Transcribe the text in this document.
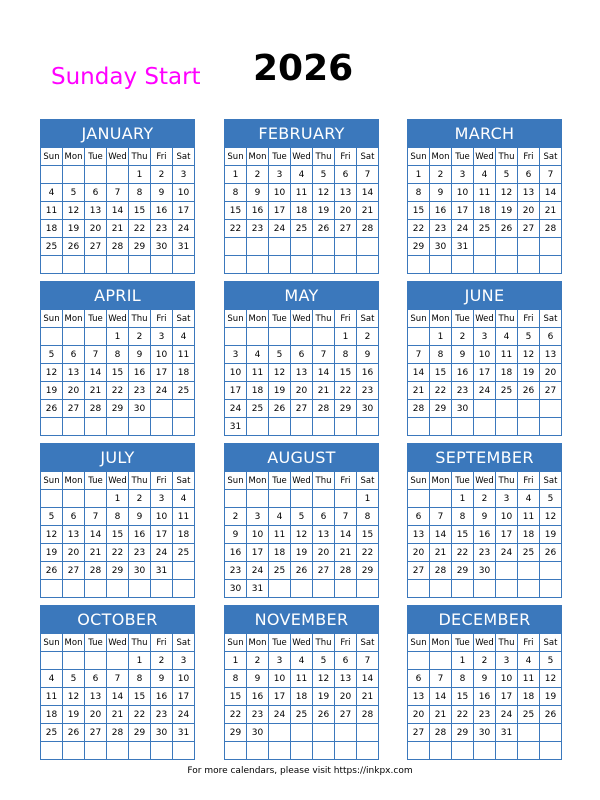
Sunday Start 2026
JANUARY
Sun	Mon	Tue	Wed	Thu	Fri	Sat
				1	2	3
4	5	6	7	8	9	10
11	12	13	14	15	16	17
18	19	20	21	22	23	24
25	26	27	28	29	30	31

FEBRUARY
Sun	Mon	Tue	Wed	Thu	Fri	Sat
1	2	3	4	5	6	7
8	9	10	11	12	13	14
15	16	17	18	19	20	21
22	23	24	25	26	27	28

MARCH
Sun	Mon	Tue	Wed	Thu	Fri	Sat
1	2	3	4	5	6	7
8	9	10	11	12	13	14
15	16	17	18	19	20	21
22	23	24	25	26	27	28
29	30	31				

APRIL
Sun	Mon	Tue	Wed	Thu	Fri	Sat
			1	2	3	4
5	6	7	8	9	10	11
12	13	14	15	16	17	18
19	20	21	22	23	24	25
26	27	28	29	30		

MAY
Sun	Mon	Tue	Wed	Thu	Fri	Sat
					1	2
3	4	5	6	7	8	9
10	11	12	13	14	15	16
17	18	19	20	21	22	23
24	25	26	27	28	29	30
31						
JUNE
Sun	Mon	Tue	Wed	Thu	Fri	Sat
	1	2	3	4	5	6
7	8	9	10	11	12	13
14	15	16	17	18	19	20
21	22	23	24	25	26	27
28	29	30				

JULY
Sun	Mon	Tue	Wed	Thu	Fri	Sat
			1	2	3	4
5	6	7	8	9	10	11
12	13	14	15	16	17	18
19	20	21	22	23	24	25
26	27	28	29	30	31	

AUGUST
Sun	Mon	Tue	Wed	Thu	Fri	Sat
						1
2	3	4	5	6	7	8
9	10	11	12	13	14	15
16	17	18	19	20	21	22
23	24	25	26	27	28	29
30	31					
SEPTEMBER
Sun	Mon	Tue	Wed	Thu	Fri	Sat
		1	2	3	4	5
6	7	8	9	10	11	12
13	14	15	16	17	18	19
20	21	22	23	24	25	26
27	28	29	30			

OCTOBER
Sun	Mon	Tue	Wed	Thu	Fri	Sat
				1	2	3
4	5	6	7	8	9	10
11	12	13	14	15	16	17
18	19	20	21	22	23	24
25	26	27	28	29	30	31

NOVEMBER
Sun	Mon	Tue	Wed	Thu	Fri	Sat
1	2	3	4	5	6	7
8	9	10	11	12	13	14
15	16	17	18	19	20	21
22	23	24	25	26	27	28
29	30					

DECEMBER
Sun	Mon	Tue	Wed	Thu	Fri	Sat
		1	2	3	4	5
6	7	8	9	10	11	12
13	14	15	16	17	18	19
20	21	22	23	24	25	26
27	28	29	30	31		

For more calendars, please visit https://inkpx.com
